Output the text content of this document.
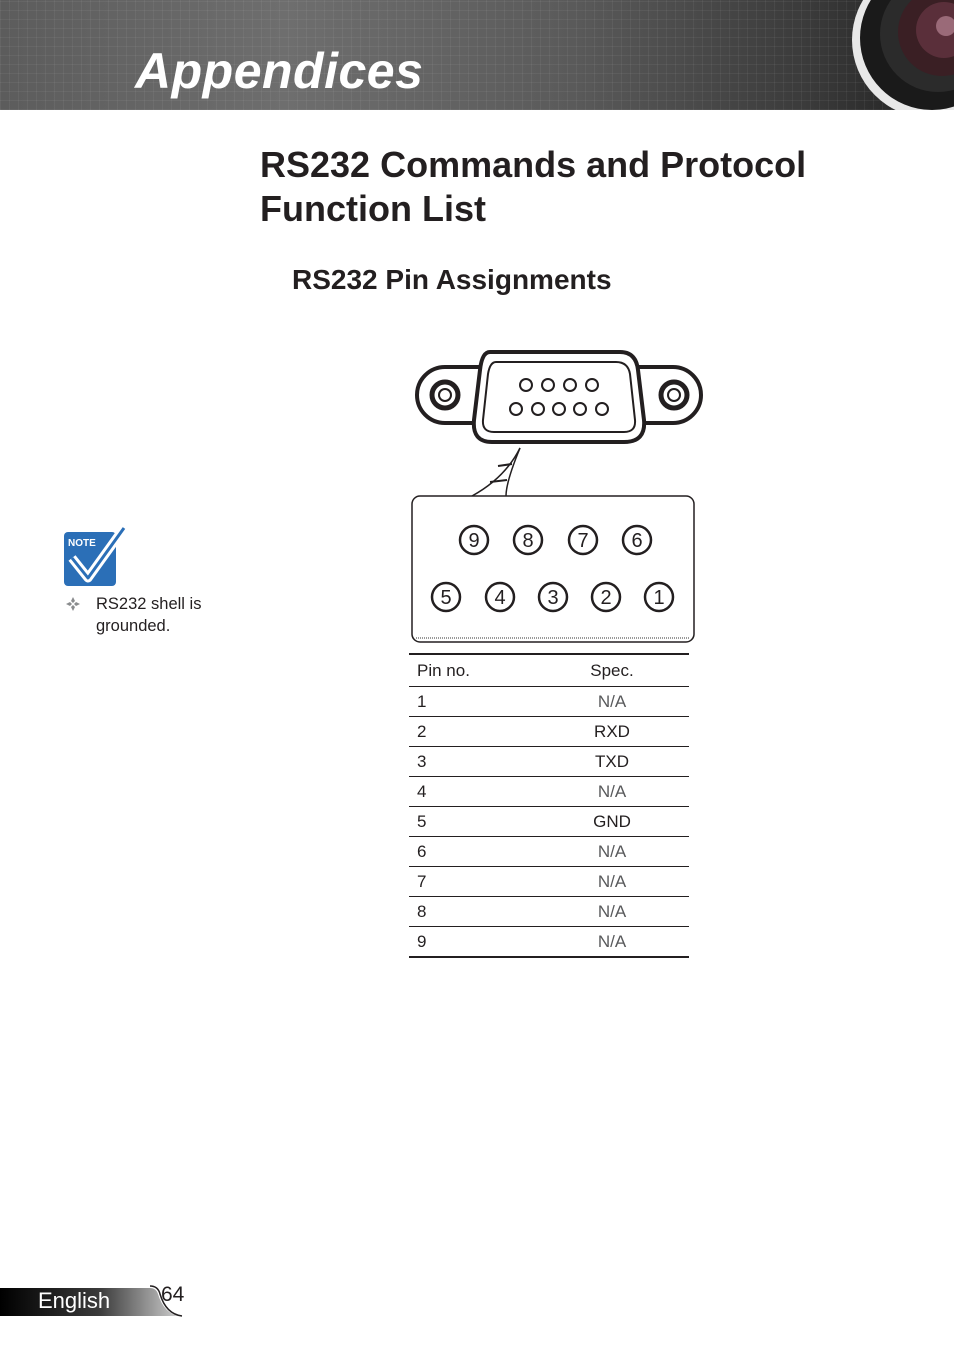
Appendices
RS232 Commands and Protocol Function List
RS232 Pin Assignments
9 8 7 6
5 4 3 2 1
NOTE
RS232 shell is grounded.
Pin no.	Spec.
1	N/A
2	RXD
3	TXD
4	N/A
5	GND
6	N/A
7	N/A
8	N/A
9	N/A
English 64
